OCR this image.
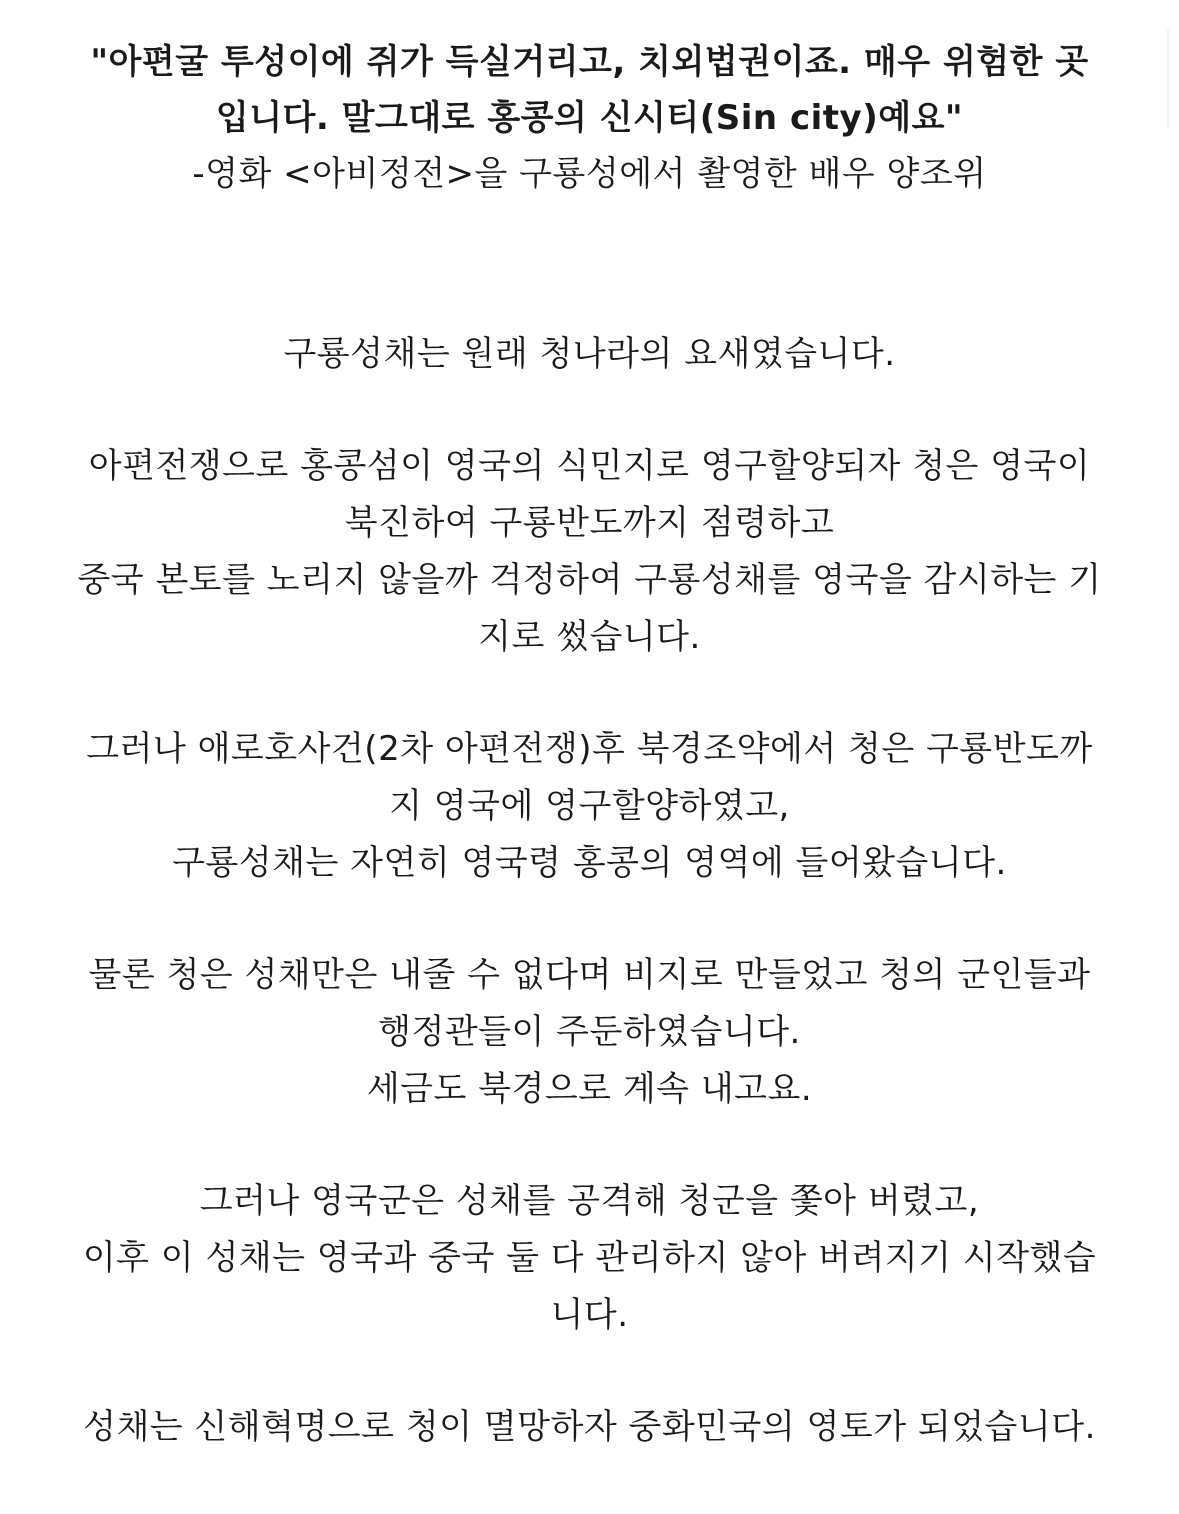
"아편굴 투성이에 쥐가 득실거리고, 치외법권이죠. 매우 위험한 곳
입니다. 말그대로 홍콩의 신시티(Sin city)예요"

-영화 <아비정전>을 구룡성에서 촬영한 배우 양조위

구룡성채는 원래 청나라의 요새였습니다.

아편전쟁으로 홍콩섬이 영국의 식민지로 영구할양되자 청은 영국이
북진하여 구룡반도까지 점령하고
중국 본토를 노리지 않을까 걱정하여 구룡성채를 영국을 감시하는 기
지로 썼습니다.

그러나 애로호사건(2차 아편전쟁)후 북경조약에서 청은 구룡반도까
지 영국에 영구할양하였고,
구룡성채는 자연히 영국령 홍콩의 영역에 들어왔습니다.

물론 청은 성채만은 내줄 수 없다며 비지로 만들었고 청의 군인들과
행정관들이 주둔하였습니다.
세금도 북경으로 계속 내고요.

그러나 영국군은 성채를 공격해 청군을 쫓아 버렸고,
이후 이 성채는 영국과 중국 둘 다 관리하지 않아 버려지기 시작했습
니다.

성채는 신해혁명으로 청이 멸망하자 중화민국의 영토가 되었습니다.
